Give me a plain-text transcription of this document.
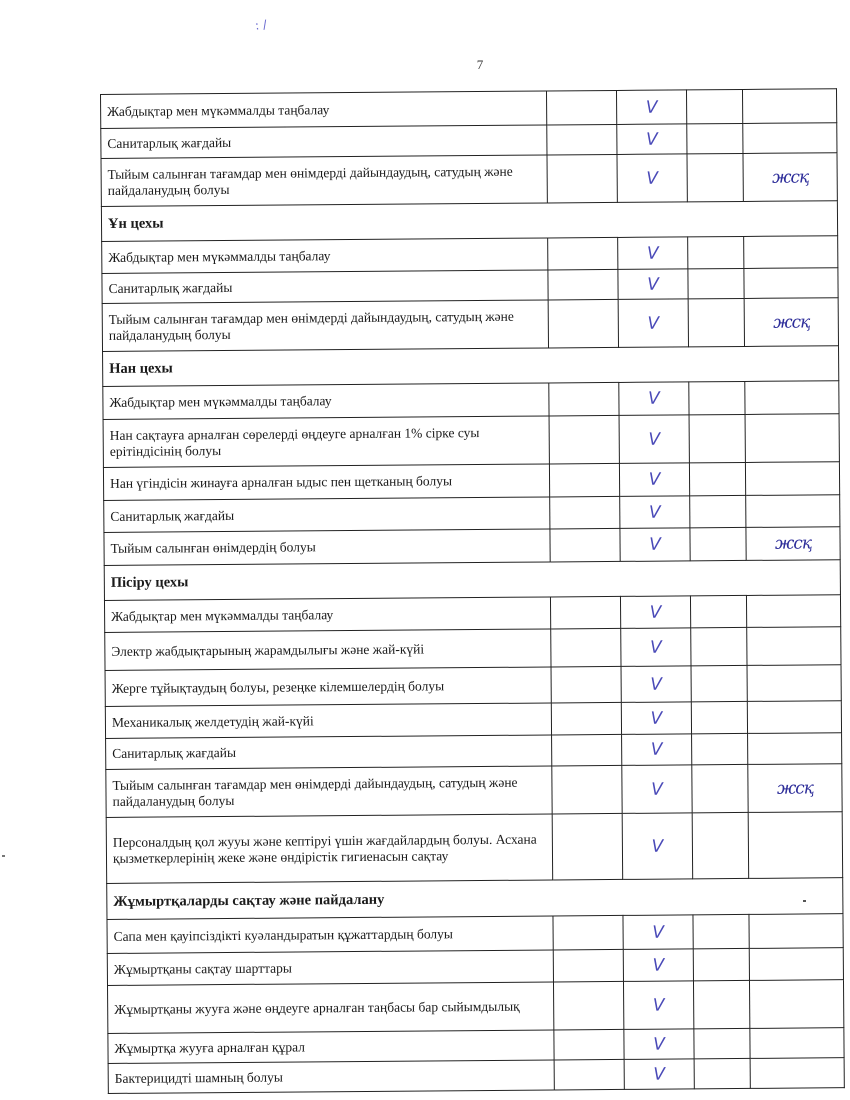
: /
7
Жабдықтар мен мүкәммалды таңбалау		V		
Санитарлық жағдайы		V		
Тыйым салынған тағамдар мен өнімдерді дайындаудың, сатудың және пайдаланудың болуы		V		жсқ
Ұн цехы				
Жабдықтар мен мүкәммалды таңбалау		V		
Санитарлық жағдайы		V		
Тыйым салынған тағамдар мен өнімдерді дайындаудың, сатудың және пайдаланудың болуы		V		жсқ
Нан цехы				
Жабдықтар мен мүкәммалды таңбалау		V		
Нан сақтауға арналған сөрелерді өңдеуге арналған 1% сірке суы ерітіндісінің болуы		V		
Нан үгіндісін жинауға арналған ыдыс пен щетканың болуы		V		
Санитарлық жағдайы		V		
Тыйым салынған өнімдердің болуы		V		жсқ
Пісіру цехы				
Жабдықтар мен мүкәммалды таңбалау		V		
Электр жабдықтарының жарамдылығы және жай-күйі		V		
Жерге тұйықтаудың болуы, резеңке кілемшелердің болуы		V		
Механикалық желдетудің жай-күйі		V		
Санитарлық жағдайы		V		
Тыйым салынған тағамдар мен өнімдерді дайындаудың, сатудың және пайдаланудың болуы		V		жсқ
Персоналдың қол жууы және кептіруі үшін жағдайлардың болуы. Асхана қызметкерлерінің жеке және өндірістік гигиенасын сақтау		V		
Жұмыртқаларды сақтау және пайдалану				
Сапа мен қауіпсіздікті куәландыратын құжаттардың болуы		V		
Жұмыртқаны сақтау шарттары		V		
Жұмыртқаны жууға және өңдеуге арналған таңбасы бар сыйымдылық		V		
Жұмыртқа жууға арналған құрал		V		
Бактерицидті шамның болуы		V		
